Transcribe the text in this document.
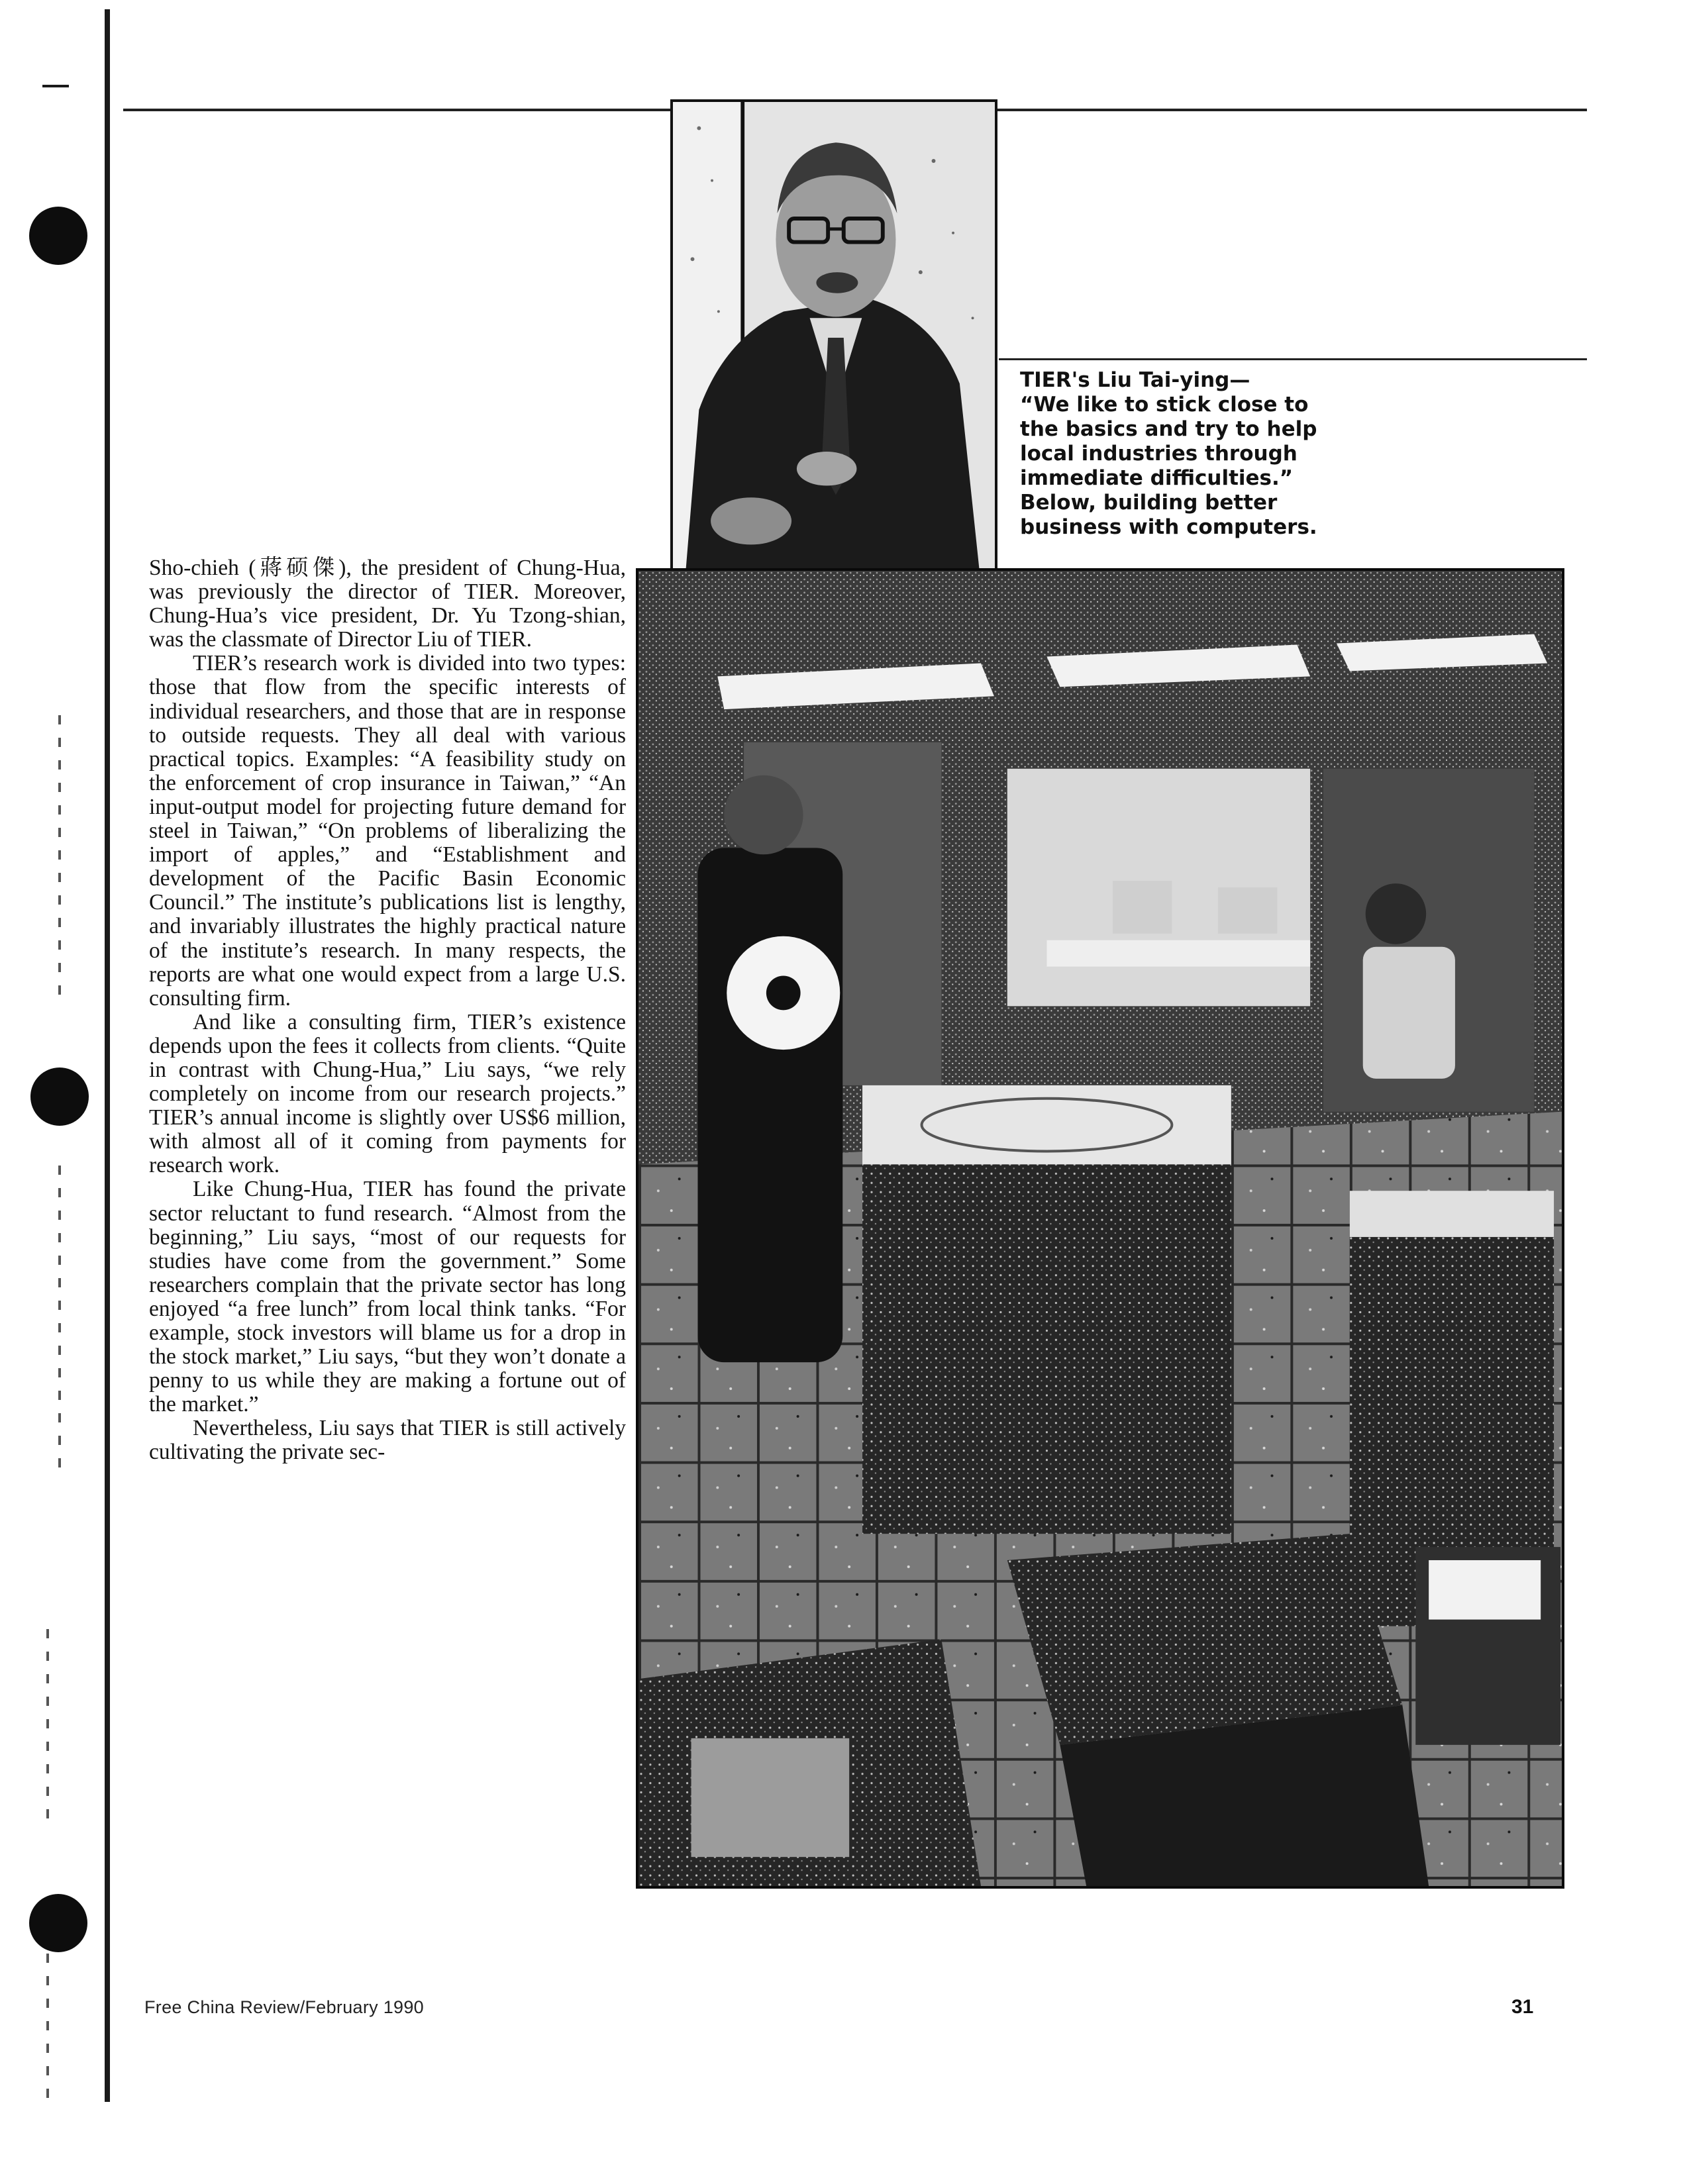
TIER's Liu Tai-ying—
“We like to stick close to
the basics and try to help
local industries through
immediate difficulties.”
Below, building better
business with computers.

Sho-chieh (蔣硕傑), the president of Chung-Hua, was previously the director of TIER. Moreover, Chung-Hua’s vice president, Dr. Yu Tzong-shian, was the classmate of Director Liu of TIER.

TIER’s research work is divided into two types: those that flow from the specific interests of individual researchers, and those that are in response to outside requests. They all deal with various practical topics. Examples: “A feasibility study on the enforcement of crop insurance in Taiwan,” “An input-output model for projecting future demand for steel in Taiwan,” “On problems of liberalizing the import of apples,” and “Establishment and development of the Pacific Basin Economic Council.” The institute’s publications list is lengthy, and invariably illustrates the highly practical nature of the institute’s research. In many respects, the reports are what one would expect from a large U.S. consulting firm.

And like a consulting firm, TIER’s existence depends upon the fees it collects from clients. “Quite in contrast with Chung-Hua,” Liu says, “we rely completely on income from our research projects.” TIER’s annual income is slightly over US$6 million, with almost all of it coming from payments for research work.

Like Chung-Hua, TIER has found the private sector reluctant to fund research. “Almost from the beginning,” Liu says, “most of our requests for studies have come from the government.” Some researchers complain that the private sector has long enjoyed “a free lunch” from local think tanks. “For example, stock investors will blame us for a drop in the stock market,” Liu says, “but they won’t donate a penny to us while they are making a fortune out of the market.”

Nevertheless, Liu says that TIER is still actively cultivating the private sec-

Free China Review/February 1990	31
